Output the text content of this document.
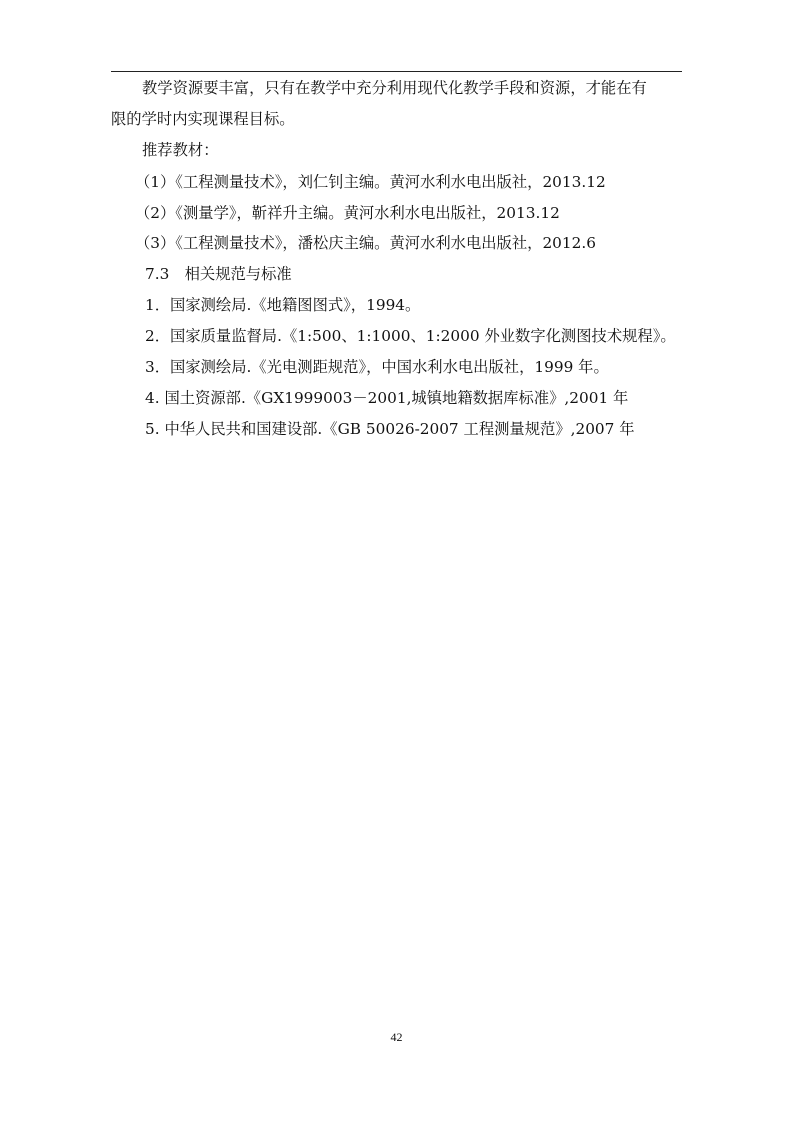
教学资源要丰富，只有在教学中充分利用现代化教学手段和资源，才能在有
限的学时内实现课程目标。
推荐教材：
（1）《工程测量技术》，刘仁钊主编。黄河水利水电出版社，2013.12
（2）《测量学》，靳祥升主编。黄河水利水电出版社，2013.12
（3）《工程测量技术》，潘松庆主编。黄河水利水电出版社，2012.6
7.3　相关规范与标准
1．国家测绘局.《地籍图图式》，1994。
2．国家质量监督局.《1:500、1:1000、1:2000 外业数字化测图技术规程》。
3．国家测绘局.《光电测距规范》，中国水利水电出版社，1999 年。
4. 国土资源部.《GX1999003－2001,城镇地籍数据库标准》,2001 年
5. 中华人民共和国建设部.《GB 50026-2007 工程测量规范》,2007 年
42
